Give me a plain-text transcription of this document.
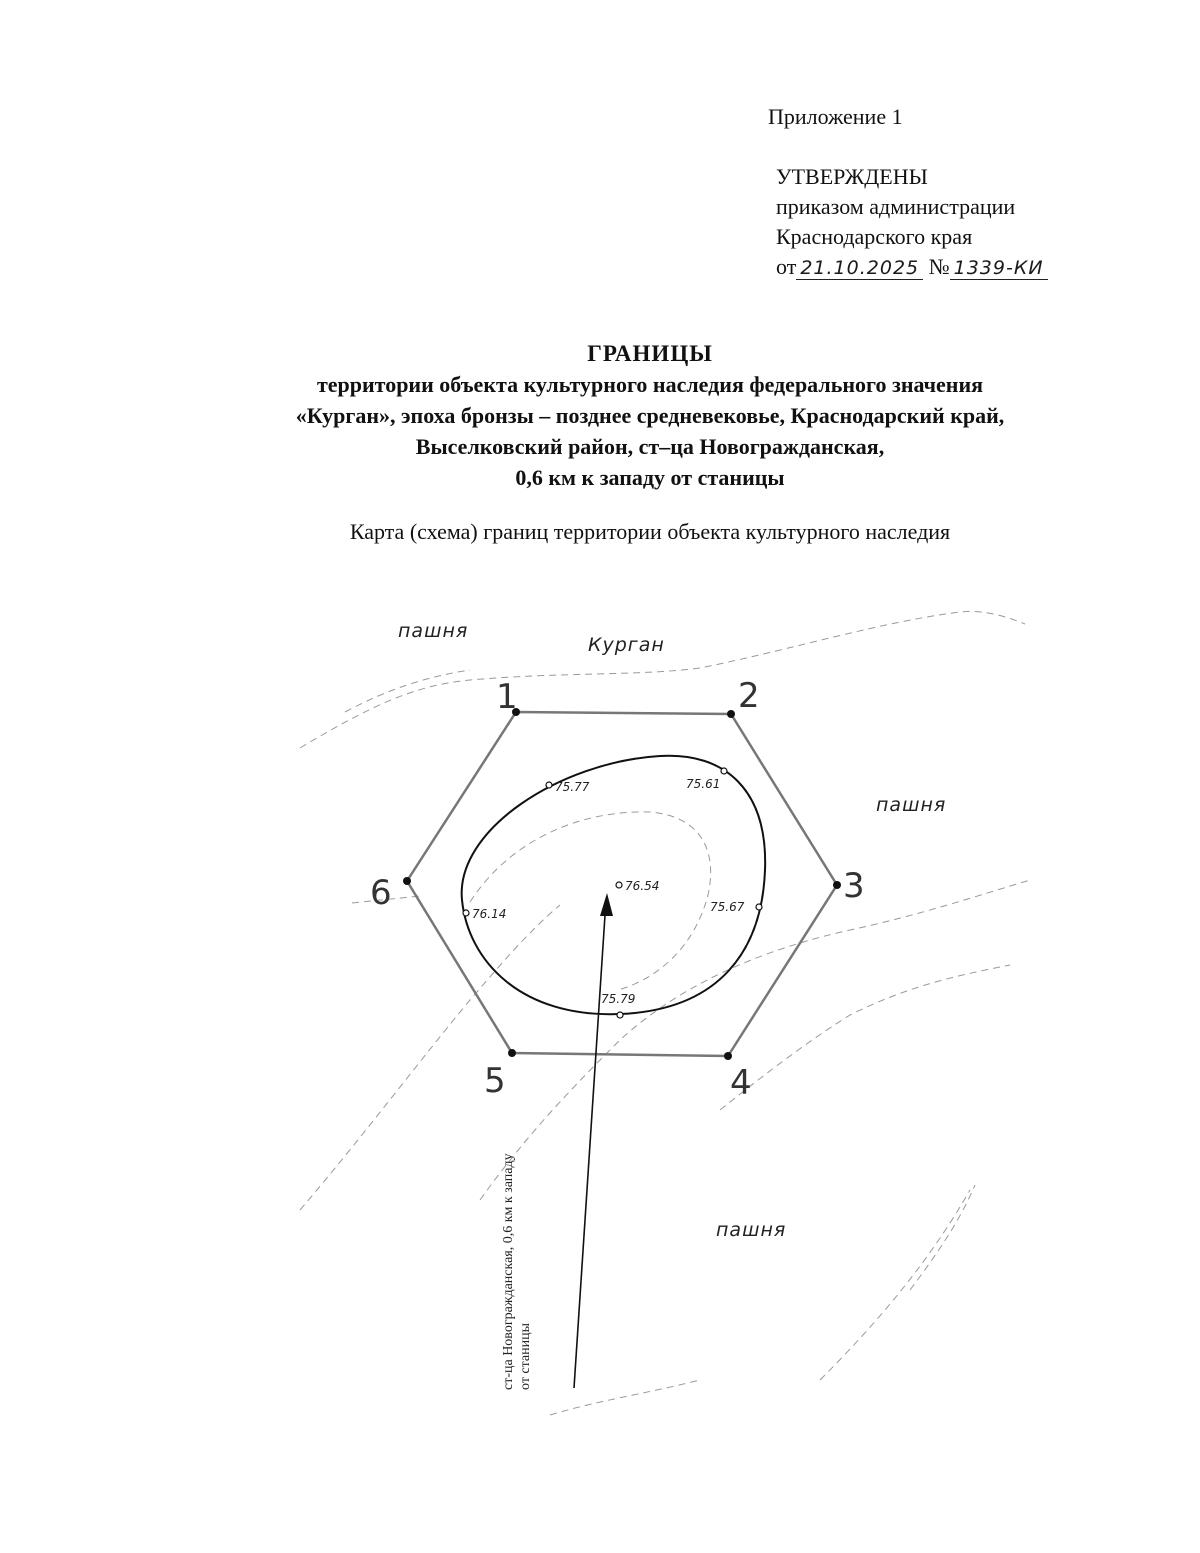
Приложение 1
УТВЕРЖДЕНЫ
приказом администрации
Краснодарского края
от 21.10.2025 № 1339-КИ
ГРАНИЦЫ
территории объекта культурного наследия федерального значения
«Курган», эпоха бронзы – позднее средневековье, Краснодарский край,
Выселковский район, ст–ца Новогражданская,
0,6 км к западу от станицы
Карта (схема) границ территории объекта культурного наследия
пашня
пашня
пашня
Курган
1	2
3
4
5
6
75.77	75.61
76.54
76.14	75.67
75.79
ст-ца Новогражданская, 0,6 км к западу от станицы
